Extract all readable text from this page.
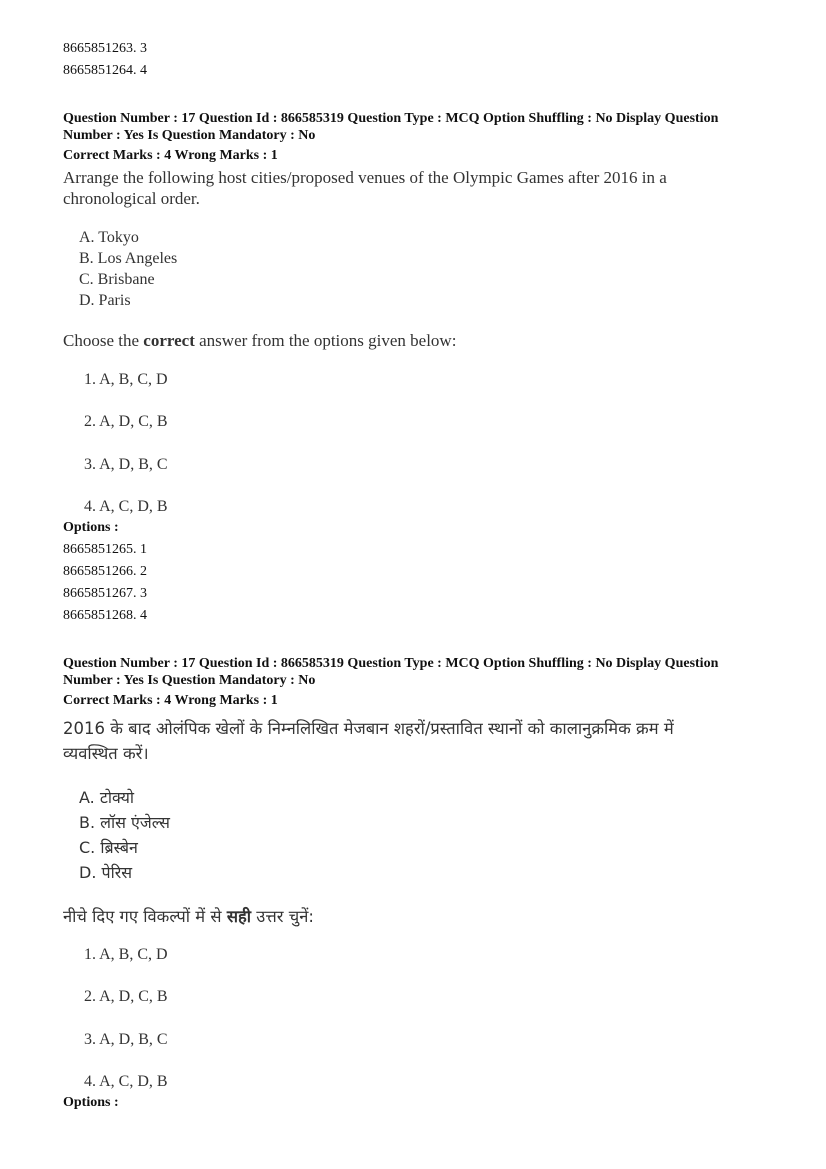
8665851263. 3
8665851264. 4
Question Number : 17 Question Id : 866585319 Question Type : MCQ Option Shuffling : No Display Question
Number : Yes Is Question Mandatory : No
Correct Marks : 4 Wrong Marks : 1
Arrange the following host cities/proposed venues of the Olympic Games after 2016 in a
chronological order.
A. Tokyo
B. Los Angeles
C. Brisbane
D. Paris
Choose the correct answer from the options given below:
1. A, B, C, D
2. A, D, C, B
3. A, D, B, C
4. A, C, D, B
Options :
8665851265. 1
8665851266. 2
8665851267. 3
8665851268. 4
Question Number : 17 Question Id : 866585319 Question Type : MCQ Option Shuffling : No Display Question
Number : Yes Is Question Mandatory : No
Correct Marks : 4 Wrong Marks : 1
2016 के बाद ओलंपिक खेलों के निम्नलिखित मेजबान शहरों/प्रस्तावित स्थानों को कालानुक्रमिक क्रम में
व्यवस्थित करें।
A. टोक्यो
B. लॉस एंजेल्स
C. ब्रिस्बेन
D. पेरिस
नीचे दिए गए विकल्पों में से सही उत्तर चुनें:
1. A, B, C, D
2. A, D, C, B
3. A, D, B, C
4. A, C, D, B
Options :
